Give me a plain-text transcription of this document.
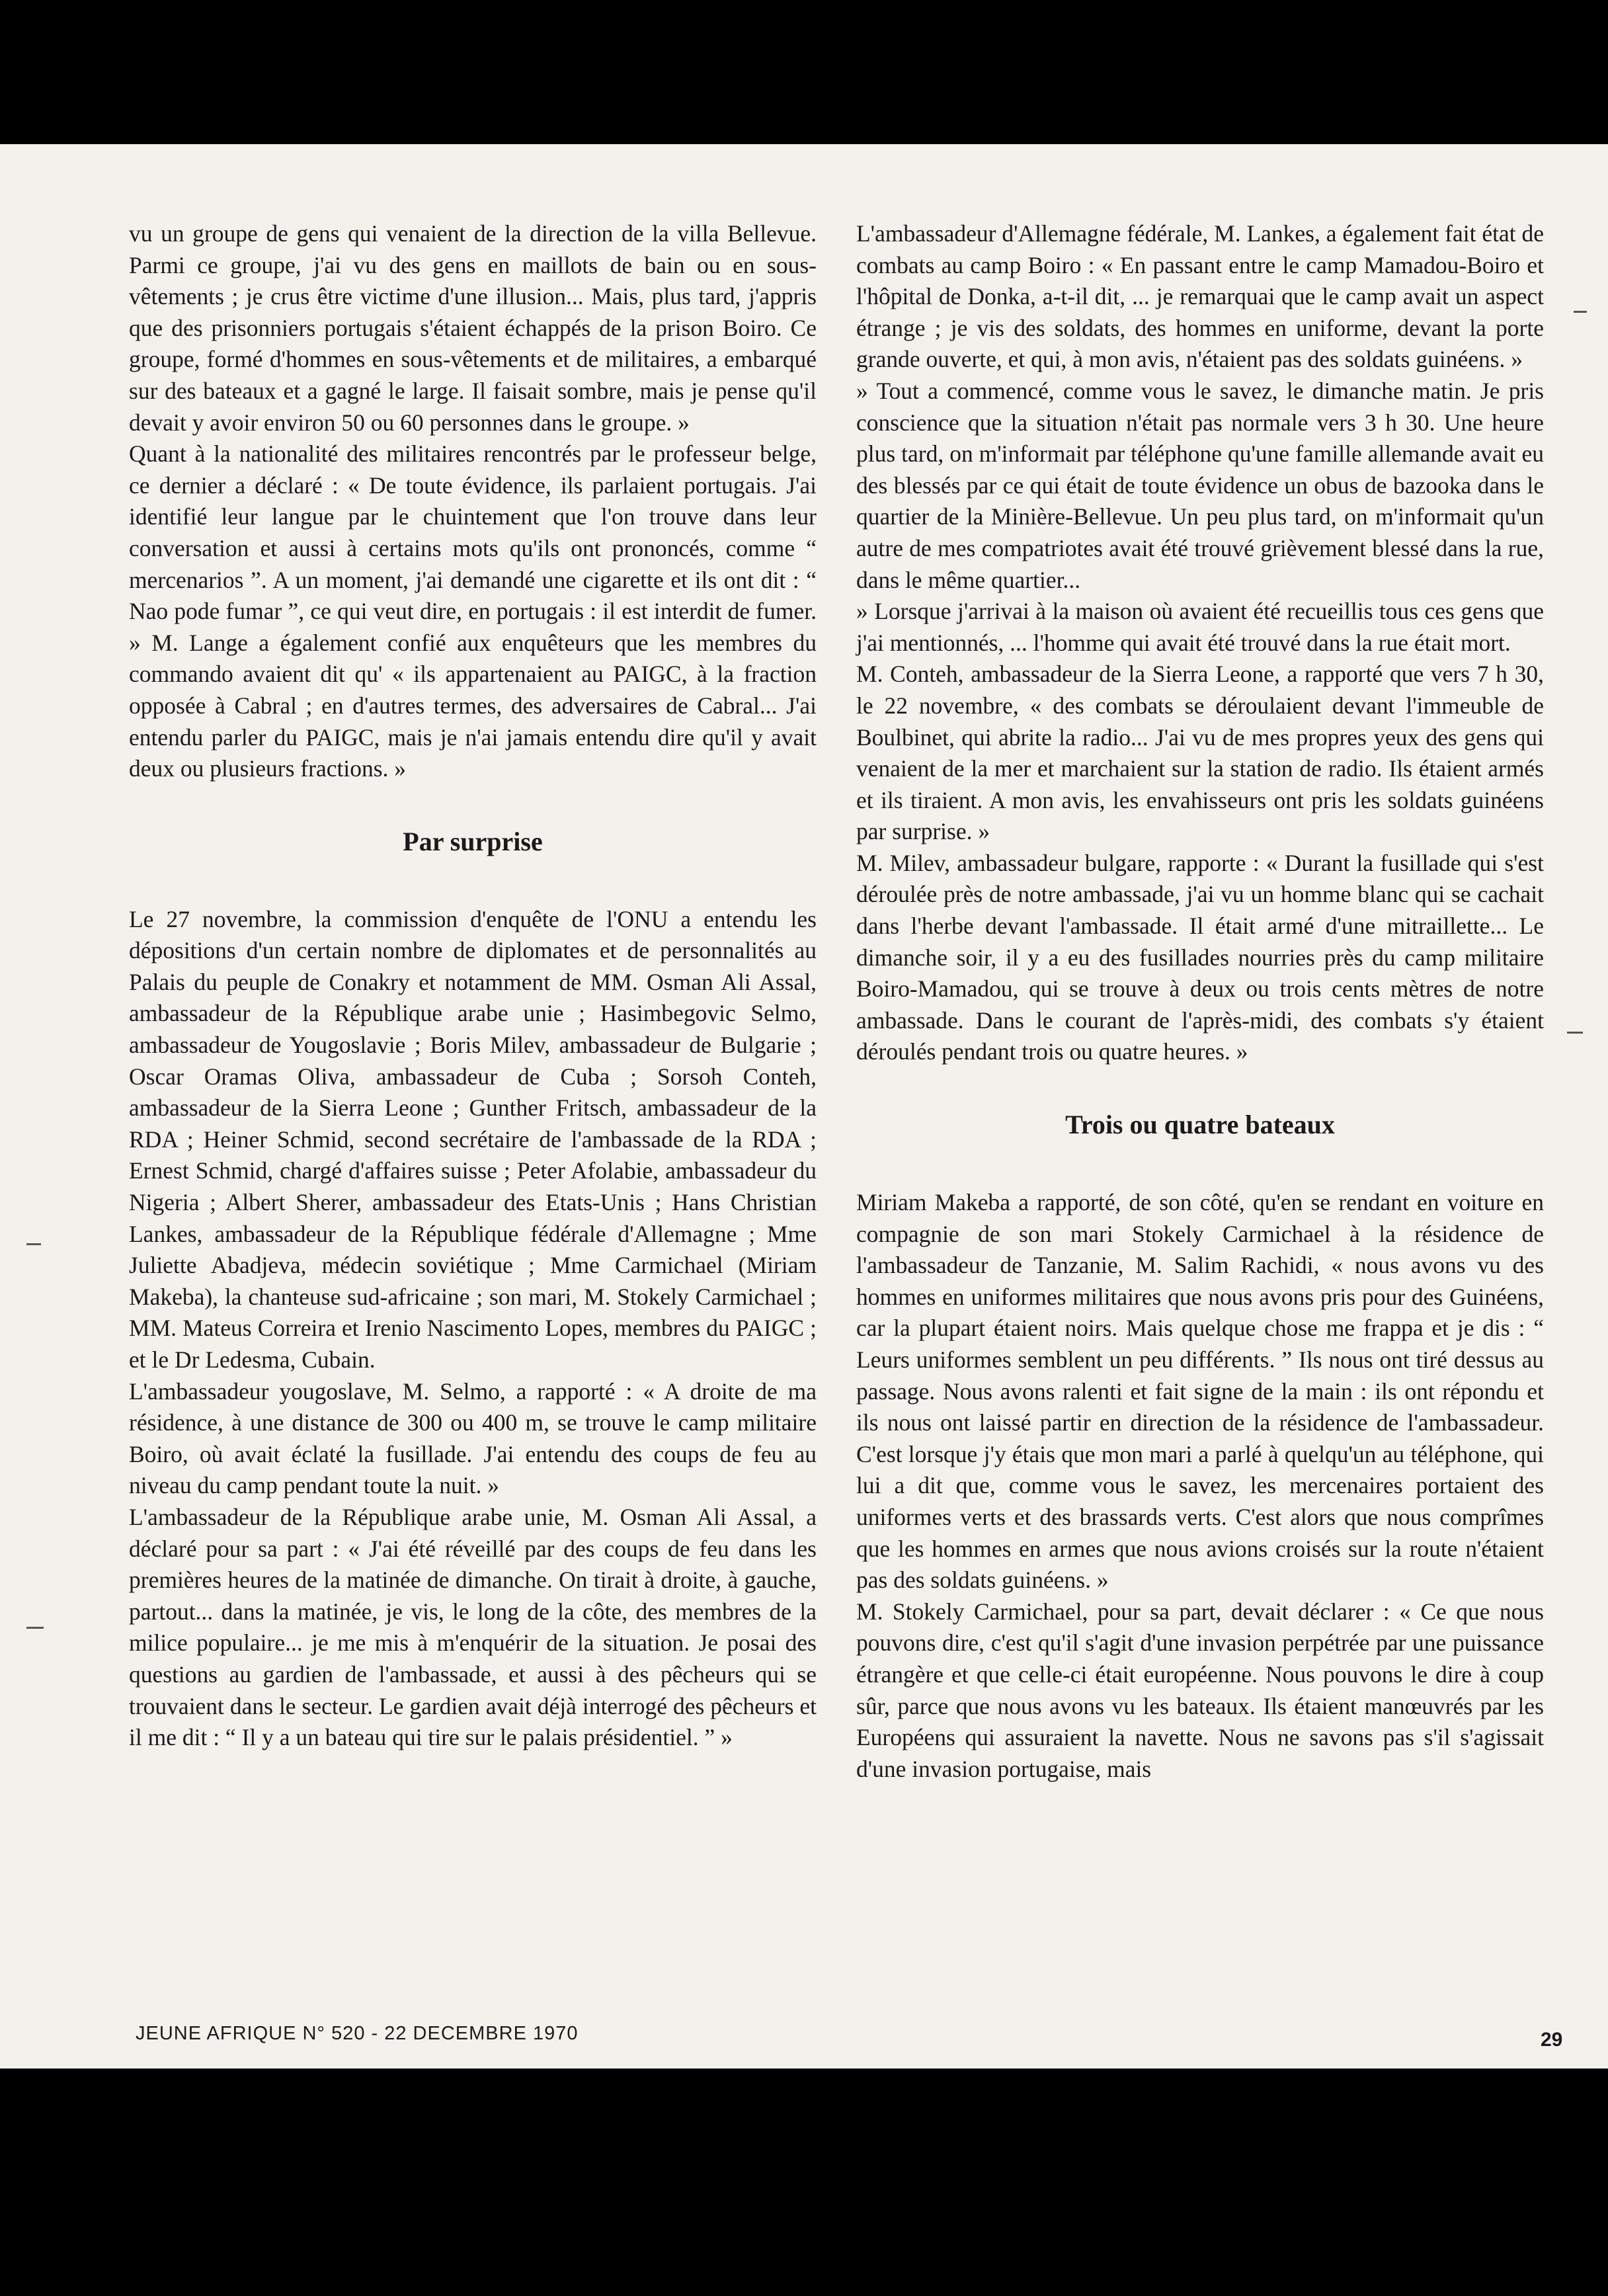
vu un groupe de gens qui venaient de la direction de la villa Bellevue. Parmi ce groupe, j'ai vu des gens en maillots de bain ou en sous-vêtements ; je crus être victime d'une illusion... Mais, plus tard, j'appris que des prisonniers portugais s'étaient échappés de la prison Boiro. Ce groupe, formé d'hommes en sous-vêtements et de militaires, a embarqué sur des bateaux et a gagné le large. Il faisait sombre, mais je pense qu'il devait y avoir environ 50 ou 60 personnes dans le groupe. »

Quant à la nationalité des militaires rencontrés par le professeur belge, ce dernier a déclaré : « De toute évidence, ils parlaient portugais. J'ai identifié leur langue par le chuintement que l'on trouve dans leur conversation et aussi à certains mots qu'ils ont prononcés, comme “ mercenarios ”. A un moment, j'ai demandé une cigarette et ils ont dit : “ Nao pode fumar ”, ce qui veut dire, en portugais : il est interdit de fumer. » M. Lange a également confié aux enquêteurs que les membres du commando avaient dit qu' « ils appartenaient au PAIGC, à la fraction opposée à Cabral ; en d'autres termes, des adversaires de Cabral... J'ai entendu parler du PAIGC, mais je n'ai jamais entendu dire qu'il y avait deux ou plusieurs fractions. »

Par surprise

Le 27 novembre, la commission d'enquête de l'ONU a entendu les dépositions d'un certain nombre de diplomates et de personnalités au Palais du peuple de Conakry et notamment de MM. Osman Ali Assal, ambassadeur de la République arabe unie ; Hasimbegovic Selmo, ambassadeur de Yougoslavie ; Boris Milev, ambassadeur de Bulgarie ; Oscar Oramas Oliva, ambassadeur de Cuba ; Sorsoh Conteh, ambassadeur de la Sierra Leone ; Gunther Fritsch, ambassadeur de la RDA ; Heiner Schmid, second secrétaire de l'ambassade de la RDA ; Ernest Schmid, chargé d'affaires suisse ; Peter Afolabie, ambassadeur du Nigeria ; Albert Sherer, ambassadeur des Etats-Unis ; Hans Christian Lankes, ambassadeur de la République fédérale d'Allemagne ; Mme Juliette Abadjeva, médecin soviétique ; Mme Carmichael (Miriam Makeba), la chanteuse sud-africaine ; son mari, M. Stokely Carmichael ; MM. Mateus Correira et Irenio Nascimento Lopes, membres du PAIGC ; et le Dr Ledesma, Cubain.

L'ambassadeur yougoslave, M. Selmo, a rapporté : « A droite de ma résidence, à une distance de 300 ou 400 m, se trouve le camp militaire Boiro, où avait éclaté la fusillade. J'ai entendu des coups de feu au niveau du camp pendant toute la nuit. »

L'ambassadeur de la République arabe unie, M. Osman Ali Assal, a déclaré pour sa part : « J'ai été réveillé par des coups de feu dans les premières heures de la matinée de dimanche. On tirait à droite, à gauche, partout... dans la matinée, je vis, le long de la côte, des membres de la milice populaire... je me mis à m'enquérir de la situation. Je posai des questions au gardien de l'ambassade, et aussi à des pêcheurs qui se trouvaient dans le secteur. Le gardien avait déjà interrogé des pêcheurs et il me dit : “ Il y a un bateau qui tire sur le palais présidentiel. ” »

L'ambassadeur d'Allemagne fédérale, M. Lankes, a également fait état de combats au camp Boiro : « En passant entre le camp Mamadou-Boiro et l'hôpital de Donka, a-t-il dit, ... je remarquai que le camp avait un aspect étrange ; je vis des soldats, des hommes en uniforme, devant la porte grande ouverte, et qui, à mon avis, n'étaient pas des soldats guinéens. »

» Tout a commencé, comme vous le savez, le dimanche matin. Je pris conscience que la situation n'était pas normale vers 3 h 30. Une heure plus tard, on m'informait par téléphone qu'une famille allemande avait eu des blessés par ce qui était de toute évidence un obus de bazooka dans le quartier de la Minière-Bellevue. Un peu plus tard, on m'informait qu'un autre de mes compatriotes avait été trouvé grièvement blessé dans la rue, dans le même quartier...

» Lorsque j'arrivai à la maison où avaient été recueillis tous ces gens que j'ai mentionnés, ... l'homme qui avait été trouvé dans la rue était mort.

M. Conteh, ambassadeur de la Sierra Leone, a rapporté que vers 7 h 30, le 22 novembre, « des combats se déroulaient devant l'immeuble de Boulbinet, qui abrite la radio... J'ai vu de mes propres yeux des gens qui venaient de la mer et marchaient sur la station de radio. Ils étaient armés et ils tiraient. A mon avis, les envahisseurs ont pris les soldats guinéens par surprise. »

M. Milev, ambassadeur bulgare, rapporte : « Durant la fusillade qui s'est déroulée près de notre ambassade, j'ai vu un homme blanc qui se cachait dans l'herbe devant l'ambassade. Il était armé d'une mitraillette... Le dimanche soir, il y a eu des fusillades nourries près du camp militaire Boiro-Mamadou, qui se trouve à deux ou trois cents mètres de notre ambassade. Dans le courant de l'après-midi, des combats s'y étaient déroulés pendant trois ou quatre heures. »

Trois ou quatre bateaux

Miriam Makeba a rapporté, de son côté, qu'en se rendant en voiture en compagnie de son mari Stokely Carmichael à la résidence de l'ambassadeur de Tanzanie, M. Salim Rachidi, « nous avons vu des hommes en uniformes militaires que nous avons pris pour des Guinéens, car la plupart étaient noirs. Mais quelque chose me frappa et je dis : “ Leurs uniformes semblent un peu différents. ” Ils nous ont tiré dessus au passage. Nous avons ralenti et fait signe de la main : ils ont répondu et ils nous ont laissé partir en direction de la résidence de l'ambassadeur. C'est lorsque j'y étais que mon mari a parlé à quelqu'un au téléphone, qui lui a dit que, comme vous le savez, les mercenaires portaient des uniformes verts et des brassards verts. C'est alors que nous comprîmes que les hommes en armes que nous avions croisés sur la route n'étaient pas des soldats guinéens. »

M. Stokely Carmichael, pour sa part, devait déclarer : « Ce que nous pouvons dire, c'est qu'il s'agit d'une invasion perpétrée par une puissance étrangère et que celle-ci était européenne. Nous pouvons le dire à coup sûr, parce que nous avons vu les bateaux. Ils étaient manœuvrés par les Européens qui assuraient la navette. Nous ne savons pas s'il s'agissait d'une invasion portugaise, mais

JEUNE AFRIQUE N° 520 - 22 DECEMBRE 1970	29
